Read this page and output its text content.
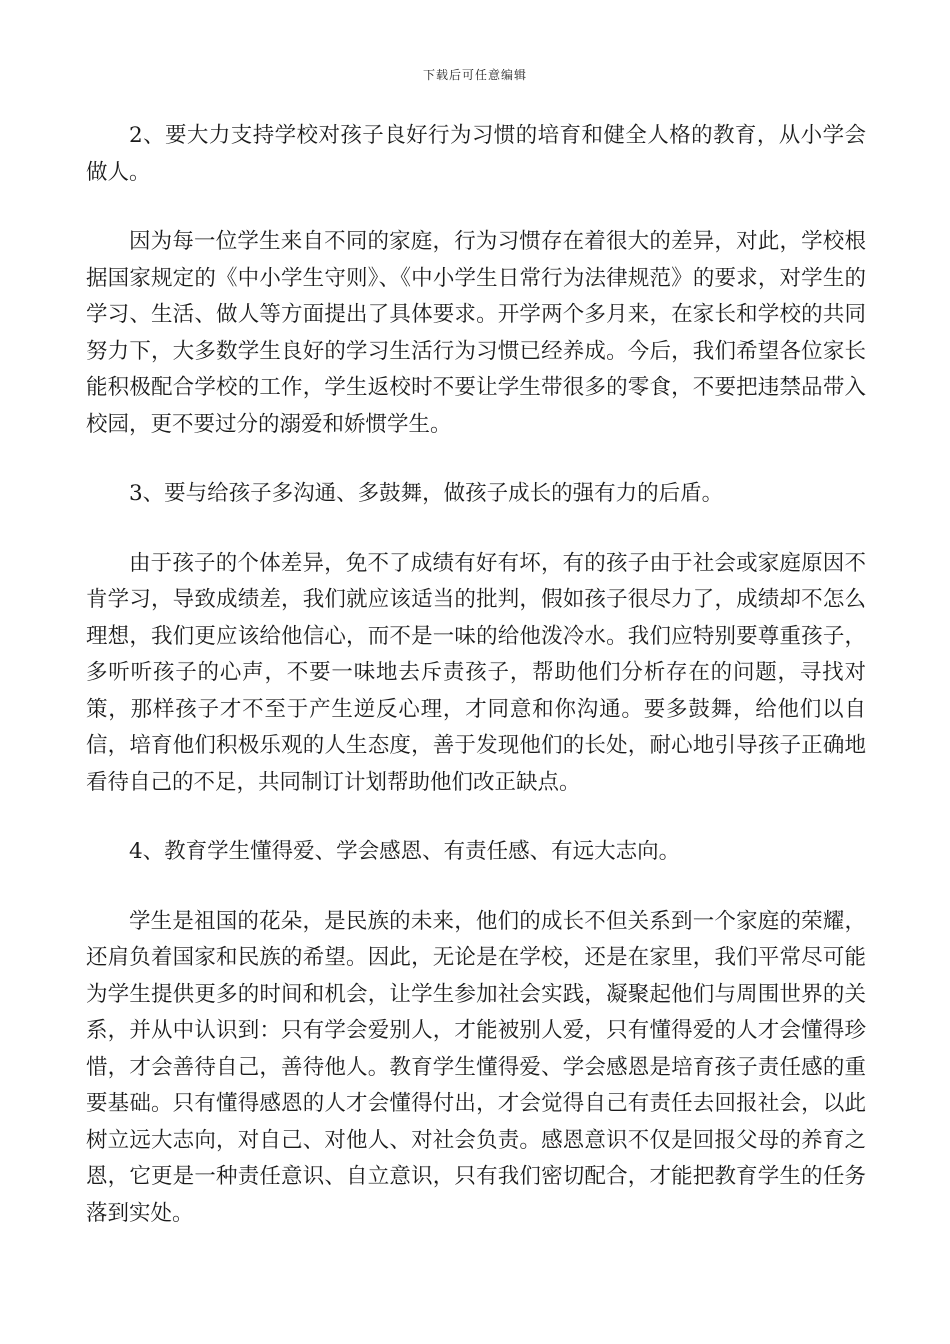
下载后可任意编辑

2、要大力支持学校对孩子良好行为习惯的培育和健全人格的教育，从小学会做人。

因为每一位学生来自不同的家庭，行为习惯存在着很大的差异，对此，学校根据国家规定的《中小学生守则》、《中小学生日常行为法律规范》的要求，对学生的学习、生活、做人等方面提出了具体要求。开学两个多月来，在家长和学校的共同努力下，大多数学生良好的学习生活行为习惯已经养成。今后，我们希望各位家长能积极配合学校的工作，学生返校时不要让学生带很多的零食，不要把违禁品带入校园，更不要过分的溺爱和娇惯学生。

3、要与给孩子多沟通、多鼓舞，做孩子成长的强有力的后盾。

由于孩子的个体差异，免不了成绩有好有坏，有的孩子由于社会或家庭原因不肯学习，导致成绩差，我们就应该适当的批判，假如孩子很尽力了，成绩却不怎么理想，我们更应该给他信心，而不是一味的给他泼冷水。我们应特别要尊重孩子，多听听孩子的心声，不要一味地去斥责孩子，帮助他们分析存在的问题，寻找对策，那样孩子才不至于产生逆反心理，才同意和你沟通。要多鼓舞，给他们以自信，培育他们积极乐观的人生态度，善于发现他们的长处，耐心地引导孩子正确地看待自己的不足，共同制订计划帮助他们改正缺点。

4、教育学生懂得爱、学会感恩、有责任感、有远大志向。

学生是祖国的花朵，是民族的未来，他们的成长不但关系到一个家庭的荣耀，还肩负着国家和民族的希望。因此，无论是在学校，还是在家里，我们平常尽可能为学生提供更多的时间和机会，让学生参加社会实践，凝聚起他们与周围世界的关系，并从中认识到：只有学会爱别人，才能被别人爱，只有懂得爱的人才会懂得珍惜，才会善待自己，善待他人。教育学生懂得爱、学会感恩是培育孩子责任感的重要基础。只有懂得感恩的人才会懂得付出，才会觉得自己有责任去回报社会，以此树立远大志向，对自己、对他人、对社会负责。感恩意识不仅是回报父母的养育之恩，它更是一种责任意识、自立意识，只有我们密切配合，才能把教育学生的任务落到实处。
